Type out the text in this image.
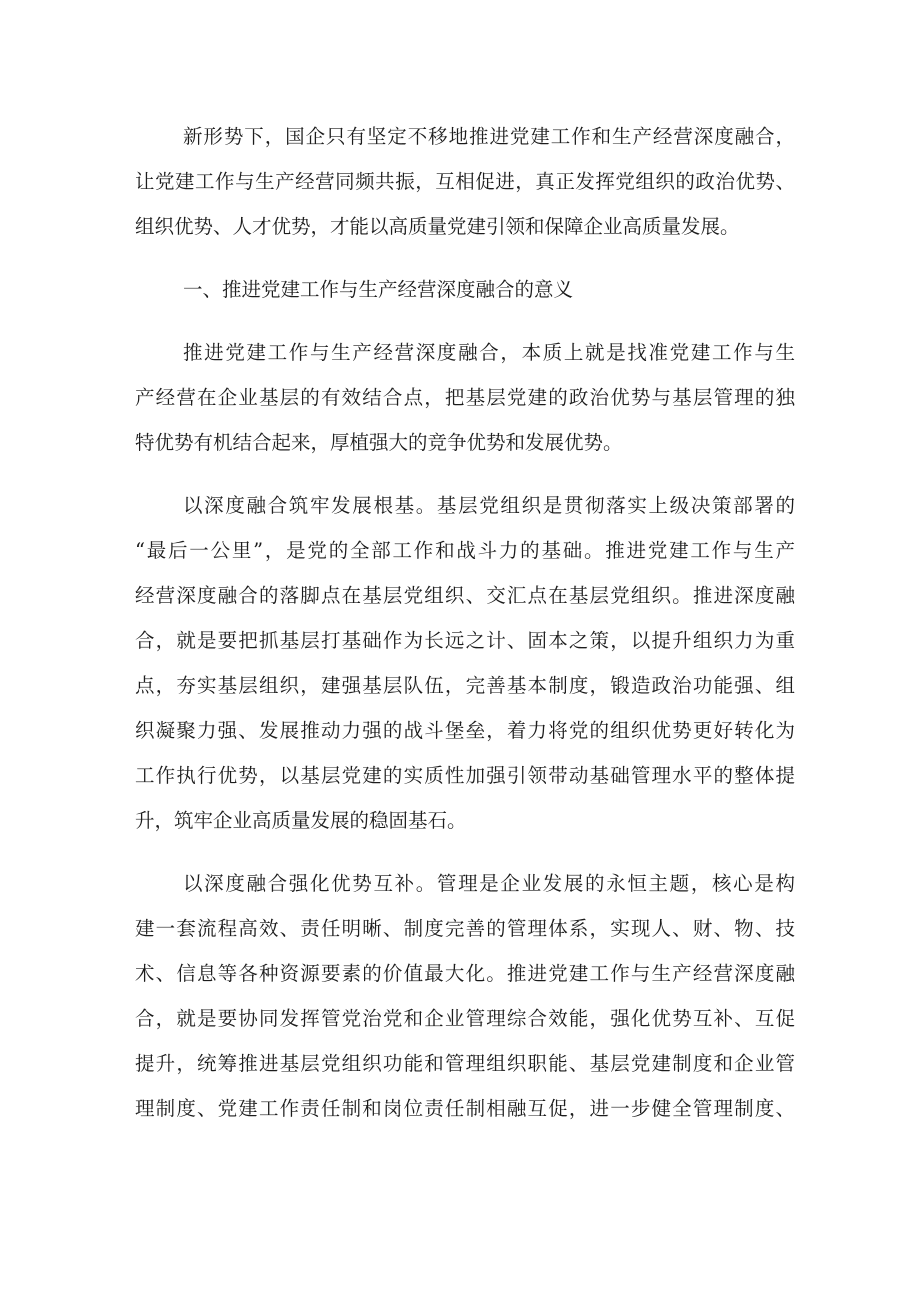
新形势下，国企只有坚定不移地推进党建工作和生产经营深度融合，
让党建工作与生产经营同频共振，互相促进，真正发挥党组织的政治优势、
组织优势、人才优势，才能以高质量党建引领和保障企业高质量发展。
一、推进党建工作与生产经营深度融合的意义
推进党建工作与生产经营深度融合，本质上就是找准党建工作与生
产经营在企业基层的有效结合点，把基层党建的政治优势与基层管理的独
特优势有机结合起来，厚植强大的竞争优势和发展优势。
以深度融合筑牢发展根基。基层党组织是贯彻落实上级决策部署的
“最后一公里”，是党的全部工作和战斗力的基础。推进党建工作与生产
经营深度融合的落脚点在基层党组织、交汇点在基层党组织。推进深度融
合，就是要把抓基层打基础作为长远之计、固本之策，以提升组织力为重
点，夯实基层组织，建强基层队伍，完善基本制度，锻造政治功能强、组
织凝聚力强、发展推动力强的战斗堡垒，着力将党的组织优势更好转化为
工作执行优势，以基层党建的实质性加强引领带动基础管理水平的整体提
升，筑牢企业高质量发展的稳固基石。
以深度融合强化优势互补。管理是企业发展的永恒主题，核心是构
建一套流程高效、责任明晰、制度完善的管理体系，实现人、财、物、技
术、信息等各种资源要素的价值最大化。推进党建工作与生产经营深度融
合，就是要协同发挥管党治党和企业管理综合效能，强化优势互补、互促
提升，统筹推进基层党组织功能和管理组织职能、基层党建制度和企业管
理制度、党建工作责任制和岗位责任制相融互促，进一步健全管理制度、
